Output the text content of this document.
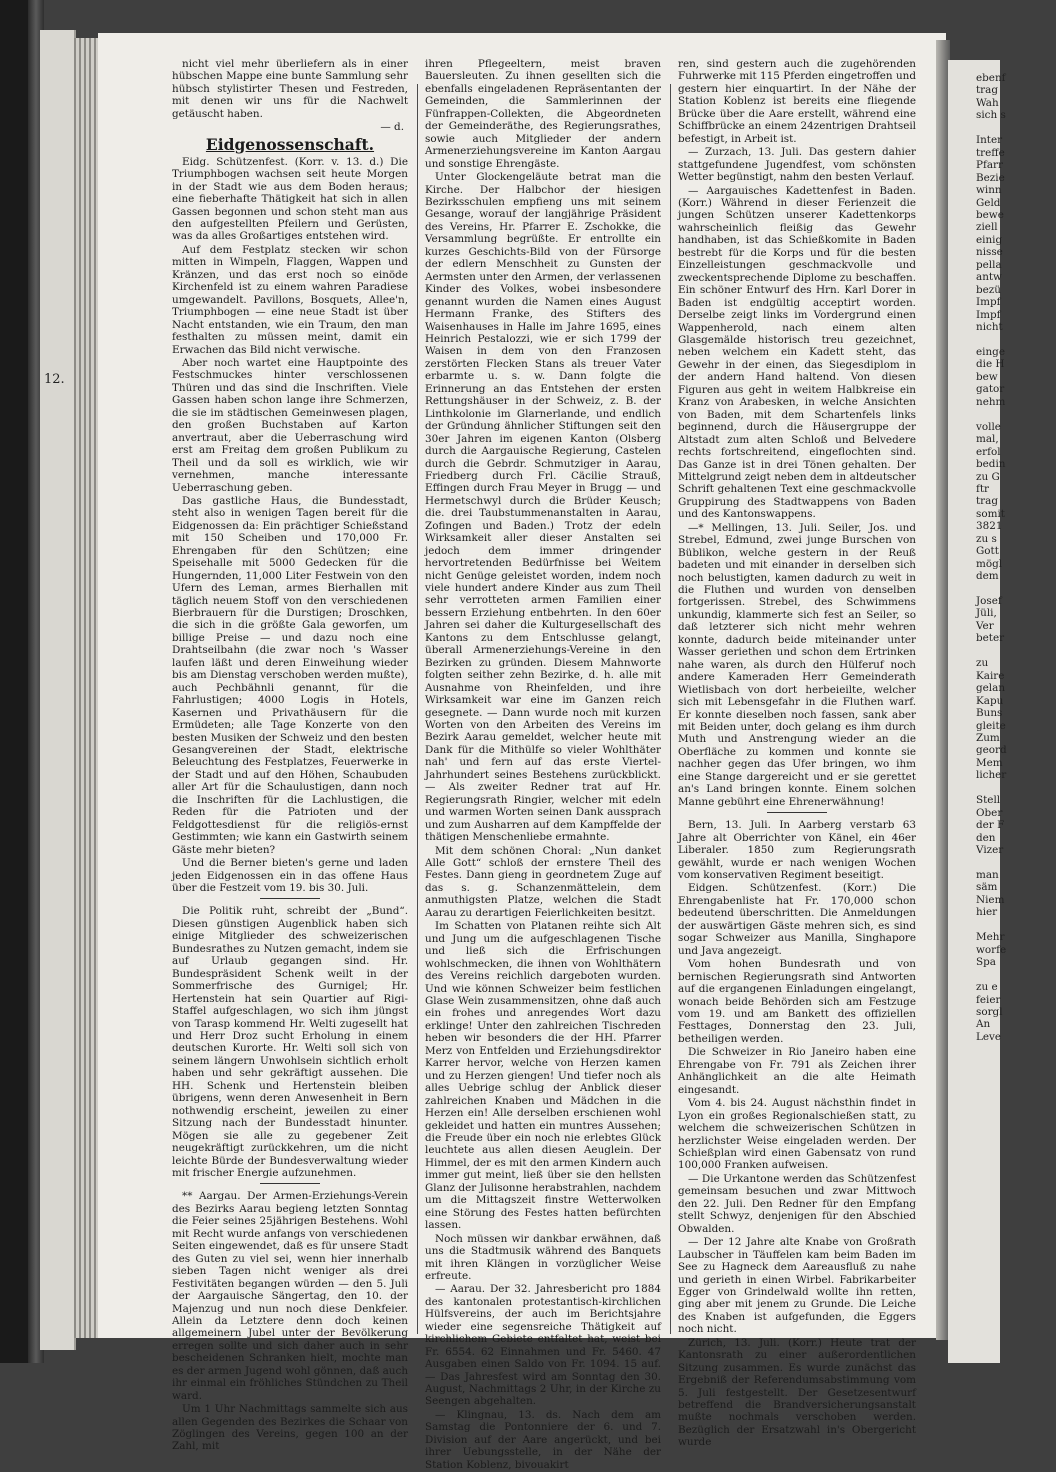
12.

nicht viel mehr überliefern als in einer hübschen Mappe eine bunte Sammlung sehr hübsch stylistirter Thesen und Festreden, mit denen wir uns für die Nachwelt getäuscht haben.

— d.

Eidgenossenschaft.

Eidg. Schützenfest. (Korr. v. 13. d.) Die Triumphbogen wachsen seit heute Morgen in der Stadt wie aus dem Boden heraus; eine fieberhafte Thätigkeit hat sich in allen Gassen begonnen und schon steht man aus den aufgestellten Pfeilern und Gerüsten, was da alles Großartiges entstehen wird.

Auf dem Festplatz stecken wir schon mitten in Wimpeln, Flaggen, Wappen und Kränzen, und das erst noch so einöde Kirchenfeld ist zu einem wahren Paradiese umgewandelt. Pavillons, Bosquets, Allee'n, Triumphbogen — eine neue Stadt ist über Nacht entstanden, wie ein Traum, den man festhalten zu müssen meint, damit ein Erwachen das Bild nicht verwische.

Aber noch wartet eine Hauptpointe des Festschmuckes hinter verschlossenen Thüren und das sind die Inschriften. Viele Gassen haben schon lange ihre Schmerzen, die sie im städtischen Gemeinwesen plagen, den großen Buchstaben auf Karton anvertraut, aber die Ueberraschung wird erst am Freitag dem großen Publikum zu Theil und da soll es wirklich, wie wir vernehmen, manche interessante Ueberraschung geben.

Das gastliche Haus, die Bundesstadt, steht also in wenigen Tagen bereit für die Eidgenossen da: Ein prächtiger Schießstand mit 150 Scheiben und 170,000 Fr. Ehrengaben für den Schützen; eine Speisehalle mit 5000 Gedecken für die Hungernden, 11,000 Liter Festwein von den Ufern des Leman, armes Bierhallen mit täglich neuem Stoff von den verschiedenen Bierbrauern für die Durstigen; Droschken, die sich in die größte Gala geworfen, um billige Preise — und dazu noch eine Drahtseilbahn (die zwar noch 's Wasser laufen läßt und deren Einweihung wieder bis am Dienstag verschoben werden mußte), auch Pechbähnli genannt, für die Fahrlustigen; 4000 Logis in Hotels, Kasernen und Privathäusern für die Ermüdeten; alle Tage Konzerte von den besten Musiken der Schweiz und den besten Gesangvereinen der Stadt, elektrische Beleuchtung des Festplatzes, Feuerwerke in der Stadt und auf den Höhen, Schaubuden aller Art für die Schaulustigen, dann noch die Inschriften für die Lachlustigen, die Reden für die Patrioten und der Feldgottesdienst für die religiös-ernst Gestimmten; wie kann ein Gastwirth seinem Gäste mehr bieten?

Und die Berner bieten's gerne und laden jeden Eidgenossen ein in das offene Haus über die Festzeit vom 19. bis 30. Juli.

Die Politik ruht, schreibt der „Bund“. Diesen günstigen Augenblick haben sich einige Mitglieder des schweizerischen Bundesrathes zu Nutzen gemacht, indem sie auf Urlaub gegangen sind. Hr. Bundespräsident Schenk weilt in der Sommerfrische des Gurnigel; Hr. Hertenstein hat sein Quartier auf Rigi-Staffel aufgeschlagen, wo sich ihm jüngst von Tarasp kommend Hr. Welti zugesellt hat und Herr Droz sucht Erholung in einem deutschen Kurorte. Hr. Welti soll sich von seinem längern Unwohlsein sichtlich erholt haben und sehr gekräftigt aussehen. Die HH. Schenk und Hertenstein bleiben übrigens, wenn deren Anwesenheit in Bern nothwendig erscheint, jeweilen zu einer Sitzung nach der Bundesstadt hinunter. Mögen sie alle zu gegebener Zeit neugekräftigt zurückkehren, um die nicht leichte Bürde der Bundesverwaltung wieder mit frischer Energie aufzunehmen.

** Aargau. Der Armen-Erziehungs-Verein des Bezirks Aarau begieng letzten Sonntag die Feier seines 25jährigen Bestehens. Wohl mit Recht wurde anfangs von verschiedenen Seiten eingewendet, daß es für unsere Stadt des Guten zu viel sei, wenn hier innerhalb sieben Tagen nicht weniger als drei Festivitäten begangen würden — den 5. Juli der Aargauische Sängertag, den 10. der Majenzug und nun noch diese Denkfeier. Allein da Letztere denn doch keinen allgemeinern Jubel unter der Bevölkerung erregen sollte und sich daher auch in sehr bescheidenen Schranken hielt, mochte man es der armen Jugend wohl gönnen, daß auch ihr einmal ein fröhliches Stündchen zu Theil ward.

Um 1 Uhr Nachmittags sammelte sich aus allen Gegenden des Bezirkes die Schaar von Zöglingen des Vereins, gegen 100 an der Zahl, mit

ihren Pflegeeltern, meist braven Bauersleuten. Zu ihnen gesellten sich die ebenfalls eingeladenen Repräsentanten der Gemeinden, die Sammlerinnen der Fünfrappen-Collekten, die Abgeordneten der Gemeinderäthe, des Regierungsrathes, sowie auch Mitglieder der andern Armenerziehungsvereine im Kanton Aargau und sonstige Ehrengäste.

Unter Glockengeläute betrat man die Kirche. Der Halbchor der hiesigen Bezirksschulen empfieng uns mit seinem Gesange, worauf der langjährige Präsident des Vereins, Hr. Pfarrer E. Zschokke, die Versammlung begrüßte. Er entrollte ein kurzes Geschichts-Bild von der Fürsorge der edlern Menschheit zu Gunsten der Aermsten unter den Armen, der verlassenen Kinder des Volkes, wobei insbesondere genannt wurden die Namen eines August Hermann Franke, des Stifters des Waisenhauses in Halle im Jahre 1695, eines Heinrich Pestalozzi, wie er sich 1799 der Waisen in dem von den Franzosen zerstörten Flecken Stans als treuer Vater erbarmte u. s. w. Dann folgte die Erinnerung an das Entstehen der ersten Rettungshäuser in der Schweiz, z. B. der Linthkolonie im Glarnerlande, und endlich der Gründung ähnlicher Stiftungen seit den 30er Jahren im eigenen Kanton (Olsberg durch die Aargauische Regierung, Castelen durch die Gebrdr. Schmutziger in Aarau, Friedberg durch Frl. Cäcilie Strauß, Effingen durch Frau Meyer in Brugg — und Hermetschwyl durch die Brüder Keusch; die. drei Taubstummenanstalten in Aarau, Zofingen und Baden.) Trotz der edeln Wirksamkeit aller dieser Anstalten sei jedoch dem immer dringender hervortretenden Bedürfnisse bei Weitem nicht Genüge geleistet worden, indem noch viele hundert andere Kinder aus zum Theil sehr verrotteten armen Familien einer bessern Erziehung entbehrten. In den 60er Jahren sei daher die Kulturgesellschaft des Kantons zu dem Entschlusse gelangt, überall Armenerziehungs-Vereine in den Bezirken zu gründen. Diesem Mahnworte folgten seither zehn Bezirke, d. h. alle mit Ausnahme von Rheinfelden, und ihre Wirksamkeit war eine im Ganzen reich gesegnete. — Dann wurde noch mit kurzen Worten von den Arbeiten des Vereins im Bezirk Aarau gemeldet, welcher heute mit Dank für die Mithülfe so vieler Wohlthäter nah' und fern auf das erste Viertel-Jahrhundert seines Bestehens zurückblickt. — Als zweiter Redner trat auf Hr. Regierungsrath Ringier, welcher mit edeln und warmen Worten seinen Dank aussprach und zum Ausharren auf dem Kampffelde der thätigen Menschenliebe ermahnte.

Mit dem schönen Choral: „Nun danket Alle Gott“ schloß der ernstere Theil des Festes. Dann gieng in geordnetem Zuge auf das s. g. Schanzenmättelein, dem anmuthigsten Platze, welchen die Stadt Aarau zu derartigen Feierlichkeiten besitzt.

Im Schatten von Platanen reihte sich Alt und Jung um die aufgeschlagenen Tische und ließ sich die Erfrischungen wohlschmecken, die ihnen von Wohlthätern des Vereins reichlich dargeboten wurden. Und wie können Schweizer beim festlichen Glase Wein zusammensitzen, ohne daß auch ein frohes und anregendes Wort dazu erklinge! Unter den zahlreichen Tischreden heben wir besonders die der HH. Pfarrer Merz von Entfelden und Erziehungsdirektor Karrer hervor, welche von Herzen kamen und zu Herzen giengen! Und tiefer noch als alles Uebrige schlug der Anblick dieser zahlreichen Knaben und Mädchen in die Herzen ein! Alle derselben erschienen wohl gekleidet und hatten ein muntres Aussehen; die Freude über ein noch nie erlebtes Glück leuchtete aus allen diesen Aeuglein. Der Himmel, der es mit den armen Kindern auch immer gut meint, ließ über sie den hellsten Glanz der Julisonne herabstrahlen, nachdem um die Mittagszeit finstre Wetterwolken eine Störung des Festes hatten befürchten lassen.

Noch müssen wir dankbar erwähnen, daß uns die Stadtmusik während des Banquets mit ihren Klängen in vorzüglicher Weise erfreute.

— Aarau. Der 32. Jahresbericht pro 1884 des kantonalen protestantisch-kirchlichen Hülfsvereins, der auch im Berichtsjahre wieder eine segensreiche Thätigkeit auf kirchlichem Gebiete entfaltet hat, weist bei Fr. 6554. 62 Einnahmen und Fr. 5460. 47 Ausgaben einen Saldo von Fr. 1094. 15 auf. — Das Jahresfest wird am Sonntag den 30. August, Nachmittags 2 Uhr, in der Kirche zu Seengen abgehalten.

— Klingnau, 13. ds. Nach dem am Samstag die Pontonniere der 6. und 7. Division auf der Aare angerückt, und bei ihrer Uebungsstelle, in der Nähe der Station Koblenz, bivouakirt

ren, sind gestern auch die zugehörenden Fuhrwerke mit 115 Pferden eingetroffen und gestern hier einquartirt. In der Nähe der Station Koblenz ist bereits eine fliegende Brücke über die Aare erstellt, während eine Schiffbrücke an einem 24zentrigen Drahtseil befestigt, in Arbeit ist.

— Zurzach, 13. Juli. Das gestern dahier stattgefundene Jugendfest, vom schönsten Wetter begünstigt, nahm den besten Verlauf.

— Aargauisches Kadettenfest in Baden. (Korr.) Während in dieser Ferienzeit die jungen Schützen unserer Kadettenkorps wahrscheinlich fleißig das Gewehr handhaben, ist das Schießkomite in Baden bestrebt für die Korps und für die besten Einzelleistungen geschmackvolle und zweckentsprechende Diplome zu beschaffen. Ein schöner Entwurf des Hrn. Karl Dorer in Baden ist endgültig acceptirt worden. Derselbe zeigt links im Vordergrund einen Wappenherold, nach einem alten Glasgemälde historisch treu gezeichnet, neben welchem ein Kadett steht, das Gewehr in der einen, das Siegesdiplom in der andern Hand haltend. Von diesen Figuren aus geht in weitem Halbkreise ein Kranz von Arabesken, in welche Ansichten von Baden, mit dem Schartenfels links beginnend, durch die Häusergruppe der Altstadt zum alten Schloß und Belvedere rechts fortschreitend, eingeflochten sind. Das Ganze ist in drei Tönen gehalten. Der Mittelgrund zeigt neben dem in altdeutscher Schrift gehaltenen Text eine geschmackvolle Gruppirung des Stadtwappens von Baden und des Kantonswappens.

—* Mellingen, 13. Juli. Seiler, Jos. und Strebel, Edmund, zwei junge Burschen von Büblikon, welche gestern in der Reuß badeten und mit einander in derselben sich noch belustigten, kamen dadurch zu weit in die Fluthen und wurden von denselben fortgerissen. Strebel, des Schwimmens unkundig, klammerte sich fest an Seiler, so daß letzterer sich nicht mehr wehren konnte, dadurch beide miteinander unter Wasser geriethen und schon dem Ertrinken nahe waren, als durch den Hülferuf noch andere Kameraden Herr Gemeinderath Wietlisbach von dort herbeieilte, welcher sich mit Lebensgefahr in die Fluthen warf. Er konnte dieselben noch fassen, sank aber mit Beiden unter, doch gelang es ihm durch Muth und Anstrengung wieder an die Oberfläche zu kommen und konnte sie nachher gegen das Ufer bringen, wo ihm eine Stange dargereicht und er sie gerettet an's Land bringen konnte. Einem solchen Manne gebührt eine Ehrenerwähnung!

Bern, 13. Juli. In Aarberg verstarb 63 Jahre alt Oberrichter von Känel, ein 46er Liberaler. 1850 zum Regierungsrath gewählt, wurde er nach wenigen Wochen vom konservativen Regiment beseitigt.

Eidgen. Schützenfest. (Korr.) Die Ehrengabenliste hat Fr. 170,000 schon bedeutend überschritten. Die Anmeldungen der auswärtigen Gäste mehren sich, es sind sogar Schweizer aus Manilla, Singhapore und Java angezeigt.

Vom hohen Bundesrath und von bernischen Regierungsrath sind Antworten auf die ergangenen Einladungen eingelangt, wonach beide Behörden sich am Festzuge vom 19. und am Bankett des offiziellen Festtages, Donnerstag den 23. Juli, betheiligen werden.

Die Schweizer in Rio Janeiro haben eine Ehrengabe von Fr. 791 als Zeichen ihrer Anhänglichkeit an die alte Heimath eingesandt.

Vom 4. bis 24. August nächsthin findet in Lyon ein großes Regionalschießen statt, zu welchem die schweizerischen Schützen in herzlichster Weise eingeladen werden. Der Schießplan wird einen Gabensatz von rund 100,000 Franken aufweisen.

— Die Urkantone werden das Schützenfest gemeinsam besuchen und zwar Mittwoch den 22. Juli. Den Redner für den Empfang stellt Schwyz, denjenigen für den Abschied Obwalden.

— Der 12 Jahre alte Knabe von Großrath Laubscher in Täuffelen kam beim Baden im See zu Hagneck dem Aareausfluß zu nahe und gerieth in einen Wirbel. Fabrikarbeiter Egger von Grindelwald wollte ihn retten, ging aber mit jenem zu Grunde. Die Leiche des Knaben ist aufgefunden, die Eggers noch nicht.

Zürich, 13. Juli. (Korr.) Heute trat der Kantonsrath zu einer außerordentlichen Sitzung zusammen. Es wurde zunächst das Ergebniß der Referendumsabstimmung vom 5. Juli festgestellt. Der Gesetzesentwurf betreffend die Brandversicherungsanstalt mußte nochmals verschoben werden. Bezüglich der Ersatzwahl in's Obergericht wurde

ebenf
trag
Wah
sich s

Inter
treffe
Pfarr
Bezie
winn
Geld
bewe
ziell
einig
nisse
pella
antw
bezü
Impf
Impf
nicht

einge
die H
bew
gator
nehm

volle
mal,
erfol
bedin
zu G
ftr
trag
somit
3821
zu s
Gott
mögl
dem

Josef
Jüli,
Ver
beter

zu
Kaire
gelan
Kapu
Buns
gleite
Zum
geord
Mem
licher

Stell
Ober
der F
den
Vizer

man
säm
Niem
hier

Mehr
worfe
Spa

zu e
feier
sorgl
An
Leve
